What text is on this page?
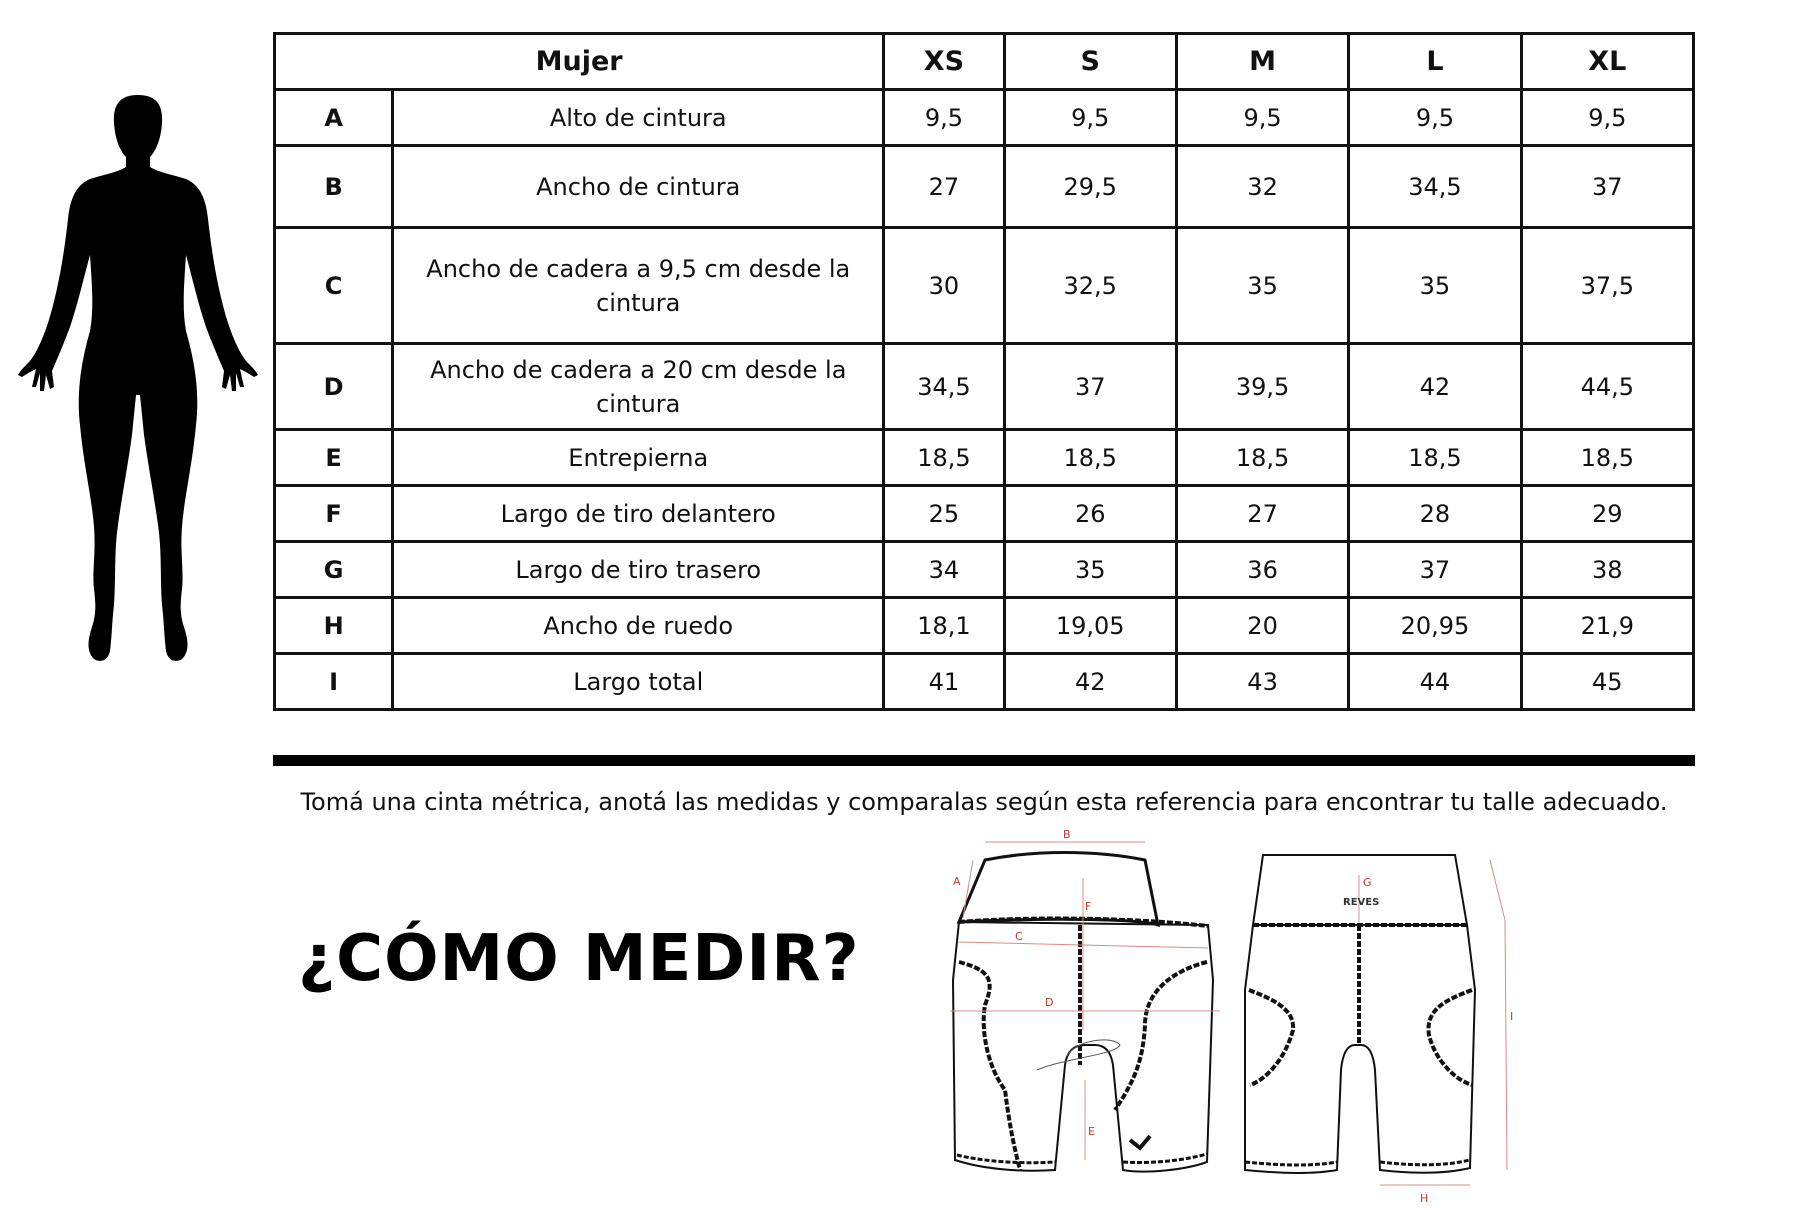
Mujer		XS	S	M	L	XL
A	Alto de cintura	9,5	9,5	9,5	9,5	9,5
B	Ancho de cintura	27	29,5	32	34,5	37
C	Ancho de cadera a 9,5 cm desde la cintura	30	32,5	35	35	37,5
D	Ancho de cadera a 20 cm desde la cintura	34,5	37	39,5	42	44,5
E	Entrepierna	18,5	18,5	18,5	18,5	18,5
F	Largo de tiro delantero	25	26	27	28	29
G	Largo de tiro trasero	34	35	36	37	38
H	Ancho de ruedo	18,1	19,05	20	20,95	21,9
I	Largo total	41	42	43	44	45
Tomá una cinta métrica, anotá las medidas y comparalas según esta referencia para encontrar tu talle adecuado.
¿CÓMO MEDIR?
B
A
C
F
D
E
REVES
G
I
H
